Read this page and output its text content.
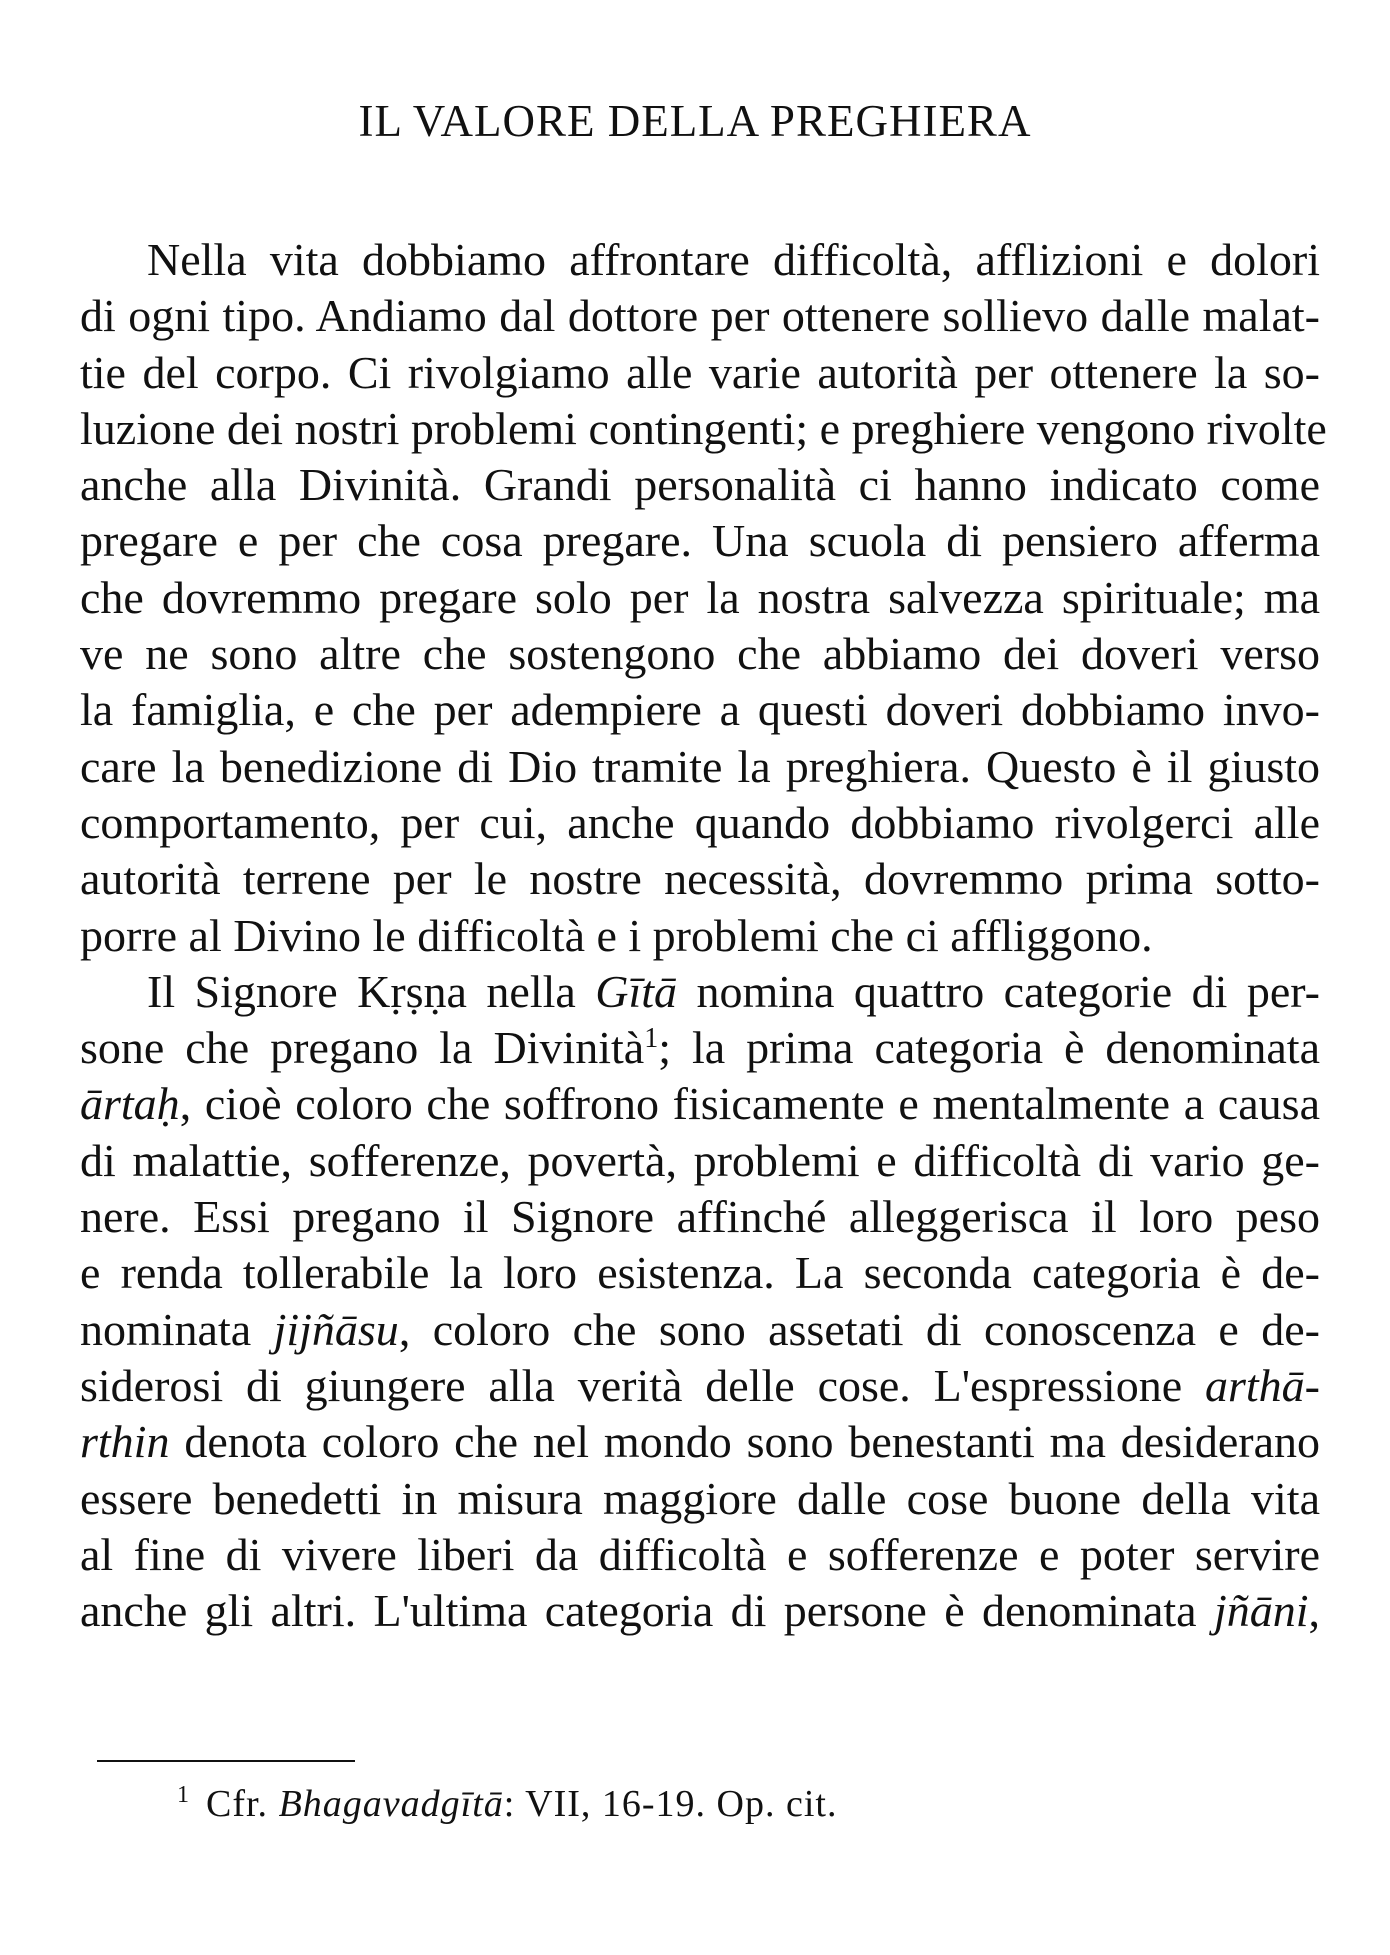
IL VALORE DELLA PREGHIERA
Nella vita dobbiamo affrontare difficoltà, afflizioni e dolori
di ogni tipo. Andiamo dal dottore per ottenere sollievo dalle malat-
tie del corpo. Ci rivolgiamo alle varie autorità per ottenere la so-
luzione dei nostri problemi contingenti; e preghiere vengono rivolte
anche alla Divinità. Grandi personalità ci hanno indicato come
pregare e per che cosa pregare. Una scuola di pensiero afferma
che dovremmo pregare solo per la nostra salvezza spirituale; ma
ve ne sono altre che sostengono che abbiamo dei doveri verso
la famiglia, e che per adempiere a questi doveri dobbiamo invo-
care la benedizione di Dio tramite la preghiera. Questo è il giusto
comportamento, per cui, anche quando dobbiamo rivolgerci alle
autorità terrene per le nostre necessità, dovremmo prima sotto-
porre al Divino le difficoltà e i problemi che ci affliggono.
Il Signore Kṛṣṇa nella Gītā nomina quattro categorie di per-
sone che pregano la Divinità$^1$; la prima categoria è denominata
ārtaḥ, cioè coloro che soffrono fisicamente e mentalmente a causa
di malattie, sofferenze, povertà, problemi e difficoltà di vario ge-
nere. Essi pregano il Signore affinché alleggerisca il loro peso
e renda tollerabile la loro esistenza. La seconda categoria è de-
nominata jijñāsu, coloro che sono assetati di conoscenza e de-
siderosi di giungere alla verità delle cose. L'espressione arthā-
rthin denota coloro che nel mondo sono benestanti ma desiderano
essere benedetti in misura maggiore dalle cose buone della vita
al fine di vivere liberi da difficoltà e sofferenze e poter servire
anche gli altri. L'ultima categoria di persone è denominata jñāni,
$^1$ Cfr. Bhagavadgītā: VII, 16-19. Op. cit.
